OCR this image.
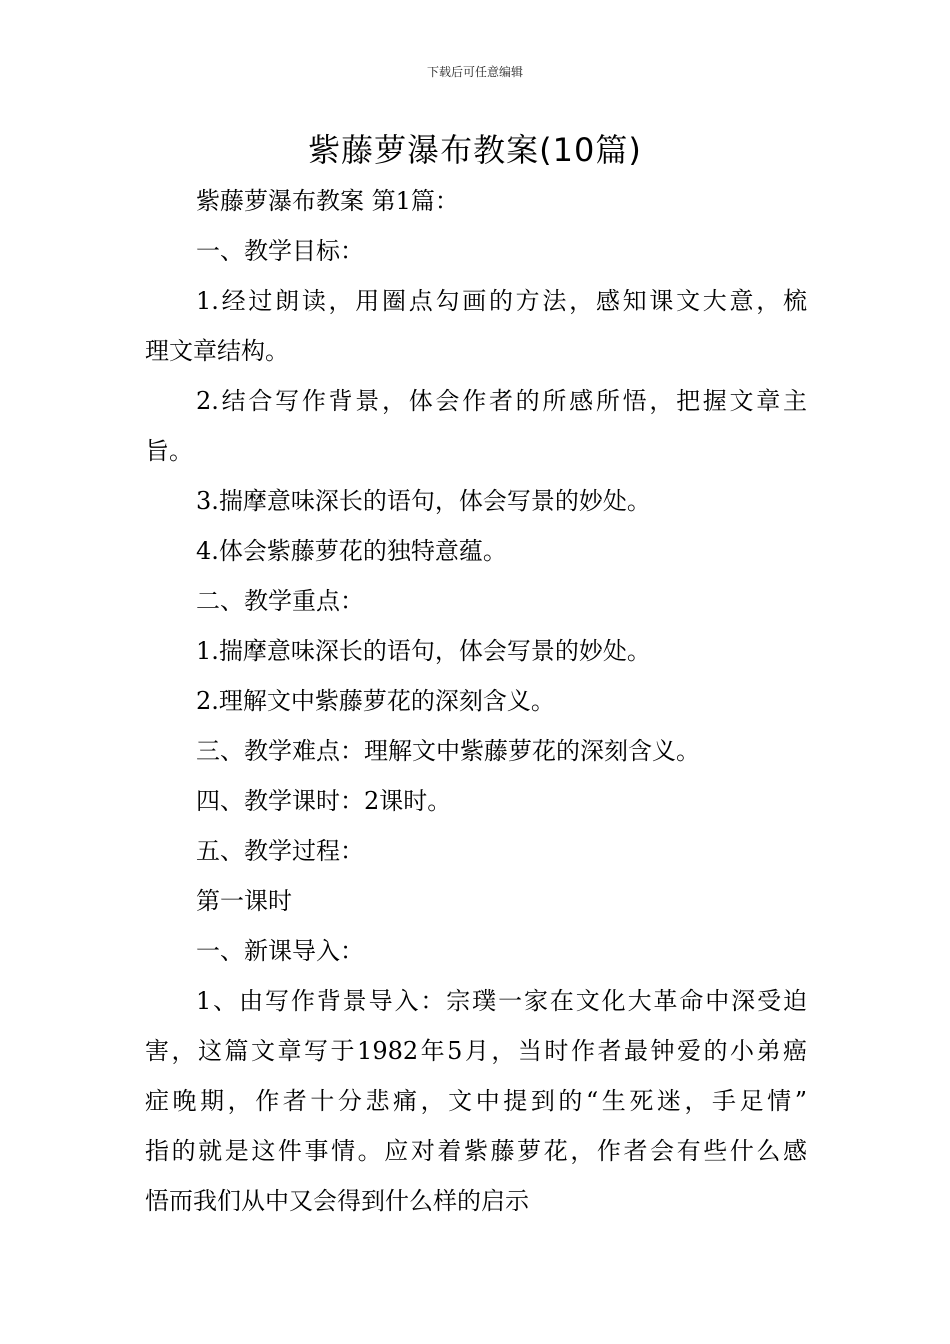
下载后可任意编辑
紫藤萝瀑布教案(10篇)

紫藤萝瀑布教案 第1篇：

一、教学目标：

1.经过朗读，用圈点勾画的方法，感知课文大意，梳

理文章结构。

2.结合写作背景，体会作者的所感所悟，把握文章主

旨。

3.揣摩意味深长的语句，体会写景的妙处。

4.体会紫藤萝花的独特意蕴。

二、教学重点：

1.揣摩意味深长的语句，体会写景的妙处。

2.理解文中紫藤萝花的深刻含义。

三、教学难点：理解文中紫藤萝花的深刻含义。

四、教学课时：2课时。

五、教学过程：

第一课时

一、新课导入：

1、由写作背景导入：宗璞一家在文化大革命中深受迫

害，这篇文章写于1982年5月，当时作者最钟爱的小弟癌

症晚期，作者十分悲痛，文中提到的“生死迷，手足情”

指的就是这件事情。应对着紫藤萝花，作者会有些什么感

悟而我们从中又会得到什么样的启示
